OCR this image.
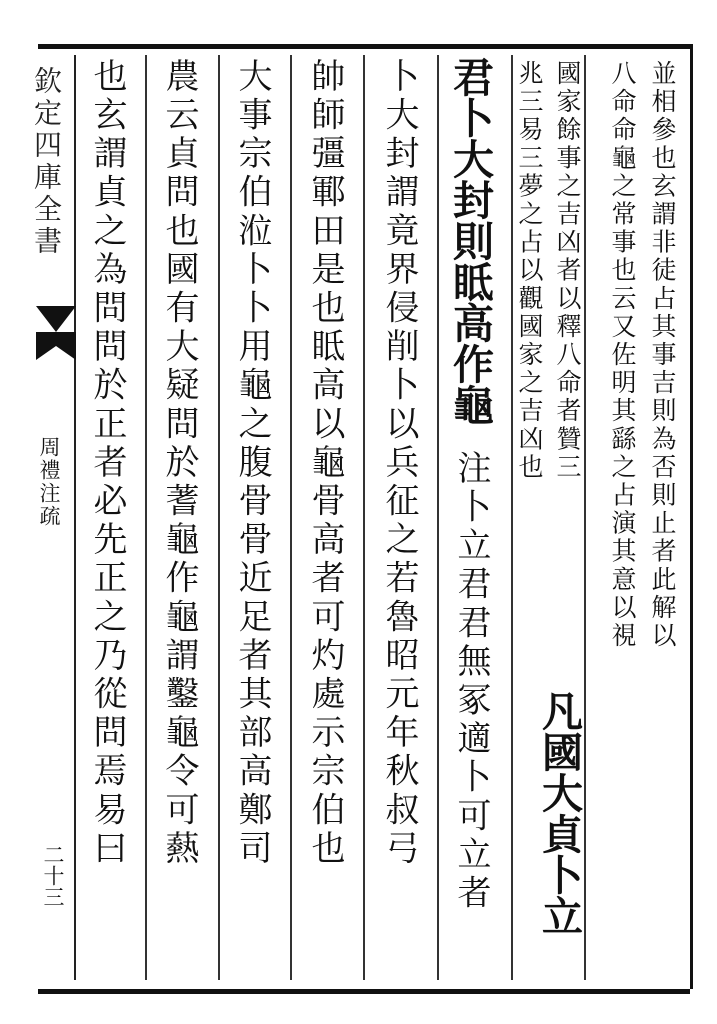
欽定四庫全書
周禮注疏
二十三
並相參也玄謂非徒占其事吉則為否則止者此解以
八命命龜之常事也云又佐明其繇之占演其意以視
國家餘事之吉凶者以釋八命者贊三
兆三易三夢之占以觀國家之吉凶也
凡國大貞卜立
君卜大封則眡高作龜
注卜立君君無冢適卜可立者
卜大封謂竟界侵削卜以兵征之若魯昭元年秋叔弓
帥師彊鄆田是也眡高以龜骨高者可灼處示宗伯也
大事宗伯涖卜卜用龜之腹骨骨近足者其部高鄭司
農云貞問也國有大疑問於蓍龜作龜謂鑿龜令可爇
也玄謂貞之為問問於正者必先正之乃從問焉易曰
